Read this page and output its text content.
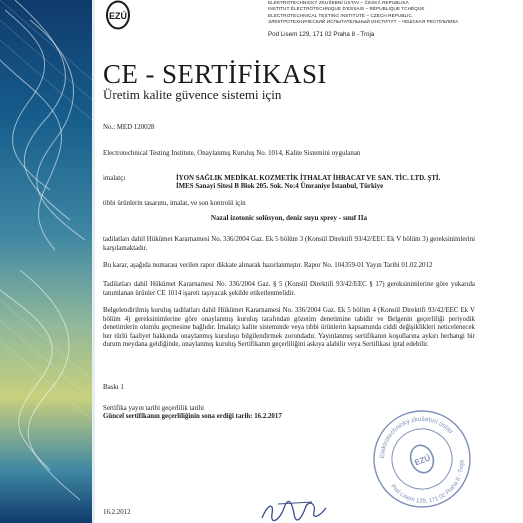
EZÚ
ELEKTROTECHNICKÝ ZKUŠEBNÍ ÚSTAV – ČESKÁ REPUBLIKA
INSTITUT ÉLECTROTECHNIQUE D'ESSAIS – RÉPUBLIQUE TCHÈQUE
ELECTROTECHNICAL TESTING INSTITUTE – CZECH REPUBLIC
ЭЛЕКТРОТЕХНИЧЕСКИЙ ИСПЫТАТЕЛЬНЫЙ ИНСТИТУТ – ЧЕШСКАЯ РЕСПУБЛИКА
Pod Lisem 129, 171 02 Praha 8 - Troja
CE - SERTİFİKASI
Üretim kalite güvence sistemi için
No.: MED 120028
Electrotechnical Testing Institute, Onaylanmış Kuruluş No. 1014, Kalite Sistemini uygulanan
imalatçı	İYON SAĞLIK MEDİKAL KOZMETİK İTHALAT İHRACAT VE SAN. TİC. LTD. ŞTİ.
İMES Sanayi Sitesi B Blok 205. Sok. No:4 Ümraniye İstanbul, Türkiye
tibbi ürünlerin tasarımı, imalat, ve son kontrolü için
Nazal izotonic solüsyon, deniz suyu sprey - sınıf IIa
tadilatları dahil Hükümet Kararnamesi No. 336/2004 Gaz. Ek 5 bölüm 3 (Konsül Direktifi 93/42/EEC Ek V bölüm 3) gereksinimlerini karşılamaktadır.
Bu karar, aşağıda numarası verilen rapor dikkate alınarak hazırlanmıştır. Rapor No. 104359-01 Yayın Tarihi 01.02.2012
Tadilatları dahil Hükümet Kararnamesi No. 336/2004 Gaz. § 5 (Konsül Direktifi 93/42/EEC § 17) gereksinimlerine göre yukarıda tanımlanan ürünler CE 1014 işareti taşıyacak şekilde etiketlenmelidir.
Belgelendirilmiş kuruluş tadilatları dahil Hükümet Kararnamesi No. 336/2004 Gaz. Ek 5 bölüm 4 (Konsül Direktifi 93/42/EEC Ek V bölüm 4) gereksinimlerine göre onaylanmış kuruluş tarafından gözetim denetimine tabidir ve Belgenin geçerliliği periyodik denetimlerin olumlu geçmesine bağlıdır. İmalatçı kalite sisteminde veya tıbbi ürünlerin kapsamında ciddi değişiklikleri neticelenecek her türlü faaliyet hakkında onaylanmış kuruluşu bilgilendirmek zorundadır. Yayınlanmış sertifikanın koşullarına aykırı herhangi bir durum meydana geldiğinde, onaylanmış kuruluş Sertifikanın geçerliliğini askıya alabilir veya Sertifikası iptal edebilir.
Baskı 1
Sertifika yayın tarihi geçerlilik tarihi
Güncel sertifikanın geçerliliğinin sona erdiği tarih: 16.2.2017
Elektrotechnický zkušební ústav
Pod Lisem 129, 171 02 Praha 8 - Troja
EZÚ
16.2.2012
